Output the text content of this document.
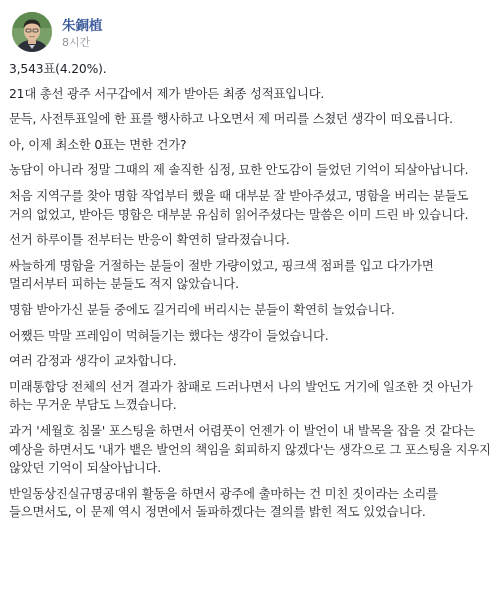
朱銅植
8시간

3,543표(4.20%).

21대 총선 광주 서구갑에서 제가 받아든 최종 성적표입니다.

문득, 사전투표일에 한 표를 행사하고 나오면서 제 머리를 스쳤던 생각이 떠오릅니다.

아, 이제 최소한 0표는 면한 건가?

농담이 아니라 정말 그때의 제 솔직한 심정, 묘한 안도감이 들었던 기억이 되살아납니다.

처음 지역구를 찾아 명함 작업부터 했을 때 대부분 잘 받아주셨고, 명함을 버리는 분들도 거의 없었고, 받아든 명함은 대부분 유심히 읽어주셨다는 말씀은 이미 드린 바 있습니다.

선거 하루이틀 전부터는 반응이 확연히 달라졌습니다.

싸늘하게 명함을 거절하는 분들이 절반 가량이었고, 핑크색 점퍼를 입고 다가가면 멀리서부터 피하는 분들도 적지 않았습니다.

명함 받아가신 분들 중에도 길거리에 버리시는 분들이 확연히 늘었습니다.

어쨌든 막말 프레임이 먹혀들기는 했다는 생각이 들었습니다.

여러 감정과 생각이 교차합니다.

미래통합당 전체의 선거 결과가 참패로 드러나면서 나의 발언도 거기에 일조한 것 아닌가 하는 무거운 부담도 느꼈습니다.

과거 '세월호 침몰' 포스팅을 하면서 어렴풋이 언젠가 이 발언이 내 발목을 잡을 것 같다는 예상을 하면서도 '내가 뱉은 발언의 책임을 회피하지 않겠다'는 생각으로 그 포스팅을 지우지 않았던 기억이 되살아납니다.

반일동상진실규명공대위 활동을 하면서 광주에 출마하는 건 미친 짓이라는 소리를 들으면서도, 이 문제 역시 정면에서 돌파하겠다는 결의를 밝힌 적도 있었습니다.
